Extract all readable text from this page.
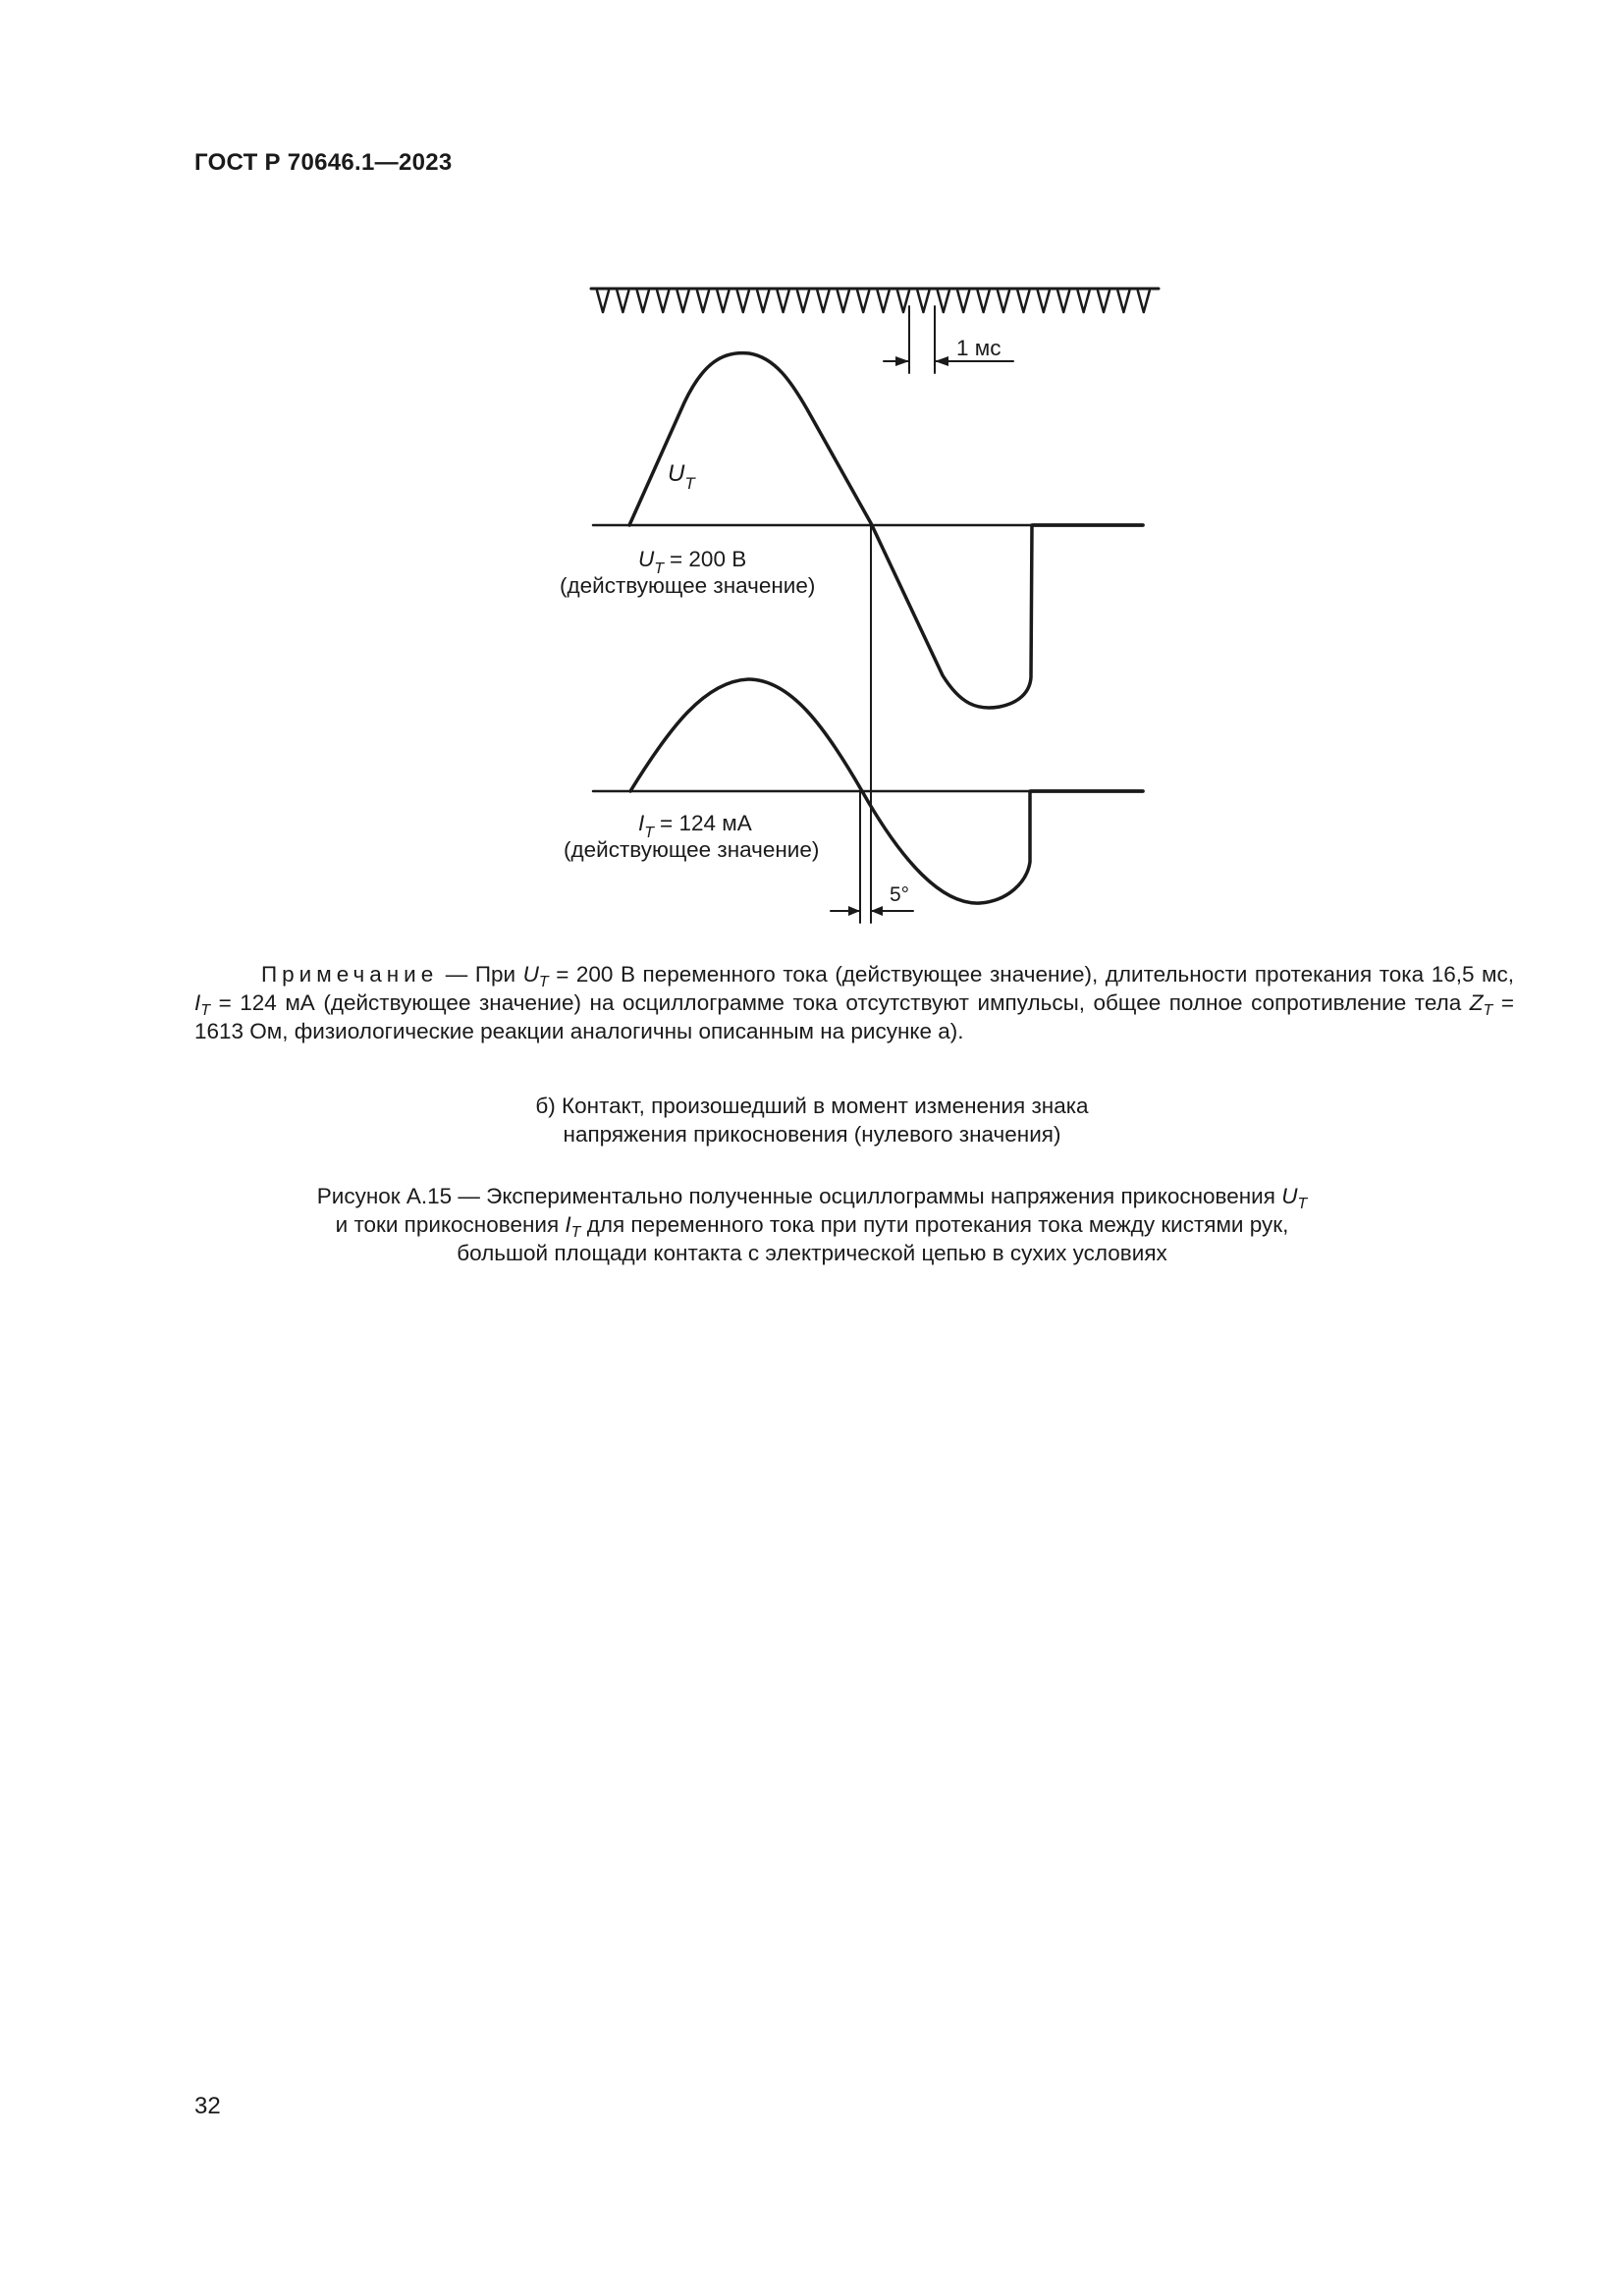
ГОСТ Р 70646.1—2023
1 мс
$U_T$
$U_T = 200$ В
(действующее значение)
$I_T = 124$ мА
(действующее значение)
5°
Примечание — При $U_T = 200$ В переменного тока (действующее значение), длительности протекания тока 16,5 мс, $I_T = 124$ мА (действующее значение) на осциллограмме тока отсутствуют импульсы, общее полное сопротивление тела $Z_T = 1613$ Ом, физиологические реакции аналогичны описанным на рисунке а).
б) Контакт, произошедший в момент изменения знака
напряжения прикосновения (нулевого значения)
Рисунок А.15 — Экспериментально полученные осциллограммы напряжения прикосновения $U_T$
и токи прикосновения $I_T$ для переменного тока при пути протекания тока между кистями рук,
большой площади контакта с электрической цепью в сухих условиях
32
